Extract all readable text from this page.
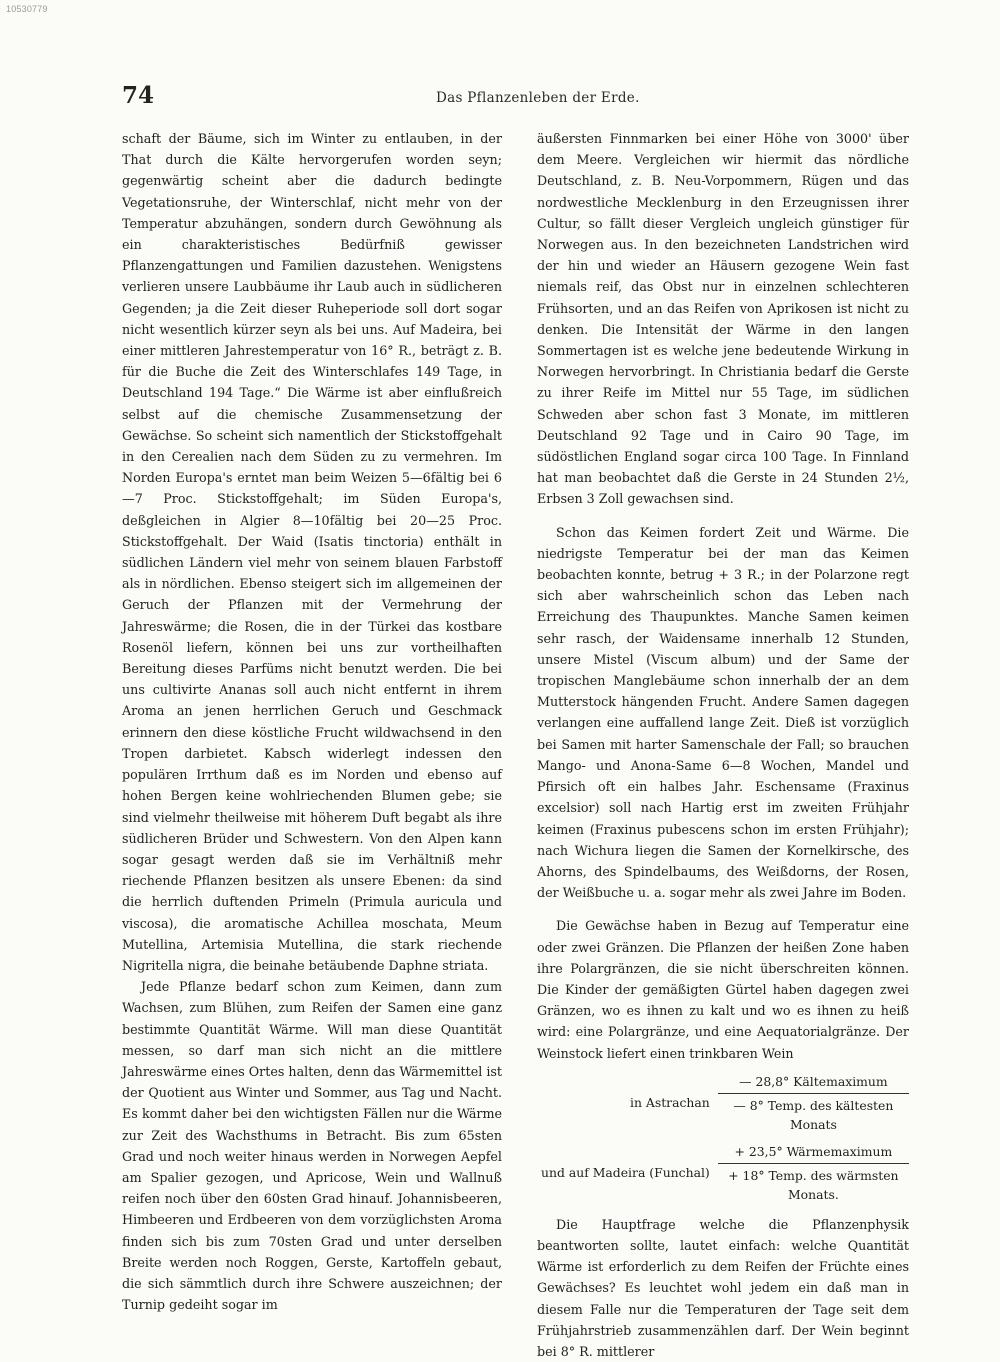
10530779
74	Das Pflanzenleben der Erde.

schaft der Bäume, sich im Winter zu entlauben, in der That durch die Kälte hervorgerufen worden seyn; gegenwärtig scheint aber die dadurch bedingte Vegetationsruhe, der Winterschlaf, nicht mehr von der Temperatur abzuhängen, sondern durch Gewöhnung als ein charakteristisches Bedürfniß gewisser Pflanzengattungen und Familien dazustehen. Wenigstens verlieren unsere Laubbäume ihr Laub auch in südlicheren Gegenden; ja die Zeit dieser Ruheperiode soll dort sogar nicht wesentlich kürzer seyn als bei uns. Auf Madeira, bei einer mittleren Jahrestemperatur von 16° R., beträgt z. B. für die Buche die Zeit des Winterschlafes 149 Tage, in Deutschland 194 Tage.“ Die Wärme ist aber einflußreich selbst auf die chemische Zusammensetzung der Gewächse. So scheint sich namentlich der Stickstoffgehalt in den Cerealien nach dem Süden zu zu vermehren. Im Norden Europa's erntet man beim Weizen 5—6fältig bei 6—7 Proc. Stickstoffgehalt; im Süden Europa's, deßgleichen in Algier 8—10fältig bei 20—25 Proc. Stickstoffgehalt. Der Waid (Isatis tinctoria) enthält in südlichen Ländern viel mehr von seinem blauen Farbstoff als in nördlichen. Ebenso steigert sich im allgemeinen der Geruch der Pflanzen mit der Vermehrung der Jahreswärme; die Rosen, die in der Türkei das kostbare Rosenöl liefern, können bei uns zur vortheilhaften Bereitung dieses Parfüms nicht benutzt werden. Die bei uns cultivirte Ananas soll auch nicht entfernt in ihrem Aroma an jenen herrlichen Geruch und Geschmack erinnern den diese köstliche Frucht wildwachsend in den Tropen darbietet. Kabsch widerlegt indessen den populären Irrthum daß es im Norden und ebenso auf hohen Bergen keine wohlriechenden Blumen gebe; sie sind vielmehr theilweise mit höherem Duft begabt als ihre südlicheren Brüder und Schwestern. Von den Alpen kann sogar gesagt werden daß sie im Verhältniß mehr riechende Pflanzen besitzen als unsere Ebenen: da sind die herrlich duftenden Primeln (Primula auricula und viscosa), die aromatische Achillea moschata, Meum Mutellina, Artemisia Mutellina, die stark riechende Nigritella nigra, die beinahe betäubende Daphne striata.

Jede Pflanze bedarf schon zum Keimen, dann zum Wachsen, zum Blühen, zum Reifen der Samen eine ganz bestimmte Quantität Wärme. Will man diese Quantität messen, so darf man sich nicht an die mittlere Jahreswärme eines Ortes halten, denn das Wärmemittel ist der Quotient aus Winter und Sommer, aus Tag und Nacht. Es kommt daher bei den wichtigsten Fällen nur die Wärme zur Zeit des Wachsthums in Betracht. Bis zum 65sten Grad und noch weiter hinaus werden in Norwegen Aepfel am Spalier gezogen, und Apricose, Wein und Wallnuß reifen noch über den 60sten Grad hinauf. Johannisbeeren, Himbeeren und Erdbeeren von dem vorzüglichsten Aroma finden sich bis zum 70sten Grad und unter derselben Breite werden noch Roggen, Gerste, Kartoffeln gebaut, die sich sämmtlich durch ihre Schwere auszeichnen; der Turnip gedeiht sogar im

äußersten Finnmarken bei einer Höhe von 3000' über dem Meere. Vergleichen wir hiermit das nördliche Deutschland, z. B. Neu-Vorpommern, Rügen und das nordwestliche Mecklenburg in den Erzeugnissen ihrer Cultur, so fällt dieser Vergleich ungleich günstiger für Norwegen aus. In den bezeichneten Landstrichen wird der hin und wieder an Häusern gezogene Wein fast niemals reif, das Obst nur in einzelnen schlechteren Frühsorten, und an das Reifen von Aprikosen ist nicht zu denken. Die Intensität der Wärme in den langen Sommertagen ist es welche jene bedeutende Wirkung in Norwegen hervorbringt. In Christiania bedarf die Gerste zu ihrer Reife im Mittel nur 55 Tage, im südlichen Schweden aber schon fast 3 Monate, im mittleren Deutschland 92 Tage und in Cairo 90 Tage, im südöstlichen England sogar circa 100 Tage. In Finnland hat man beobachtet daß die Gerste in 24 Stunden 2½, Erbsen 3 Zoll gewachsen sind.

Schon das Keimen fordert Zeit und Wärme. Die niedrigste Temperatur bei der man das Keimen beobachten konnte, betrug + 3 R.; in der Polarzone regt sich aber wahrscheinlich schon das Leben nach Erreichung des Thaupunktes. Manche Samen keimen sehr rasch, der Waidensame innerhalb 12 Stunden, unsere Mistel (Viscum album) und der Same der tropischen Manglebäume schon innerhalb der an dem Mutterstock hängenden Frucht. Andere Samen dagegen verlangen eine auffallend lange Zeit. Dieß ist vorzüglich bei Samen mit harter Samenschale der Fall; so brauchen Mango- und Anona-Same 6—8 Wochen, Mandel und Pfirsich oft ein halbes Jahr. Eschensame (Fraxinus excelsior) soll nach Hartig erst im zweiten Frühjahr keimen (Fraxinus pubescens schon im ersten Frühjahr); nach Wichura liegen die Samen der Kornelkirsche, des Ahorns, des Spindelbaums, des Weißdorns, der Rosen, der Weißbuche u. a. sogar mehr als zwei Jahre im Boden.

Die Gewächse haben in Bezug auf Temperatur eine oder zwei Gränzen. Die Pflanzen der heißen Zone haben ihre Polargränzen, die sie nicht überschreiten können. Die Kinder der gemäßigten Gürtel haben dagegen zwei Gränzen, wo es ihnen zu kalt und wo es ihnen zu heiß wird: eine Polargränze, und eine Aequatorialgränze. Der Weinstock liefert einen trinkbaren Wein

in Astrachan	— 28,8° Kältemaximum
	— 8° Temp. des kältesten Monats

und auf Madeira (Funchal)	+ 23,5° Wärmemaximum
	+ 18° Temp. des wärmsten Monats.

Die Hauptfrage welche die Pflanzenphysik beantworten sollte, lautet einfach: welche Quantität Wärme ist erforderlich zu dem Reifen der Früchte eines Gewächses? Es leuchtet wohl jedem ein daß man in diesem Falle nur die Temperaturen der Tage seit dem Frühjahrstrieb zusammenzählen darf. Der Wein beginnt bei 8° R. mittlerer
